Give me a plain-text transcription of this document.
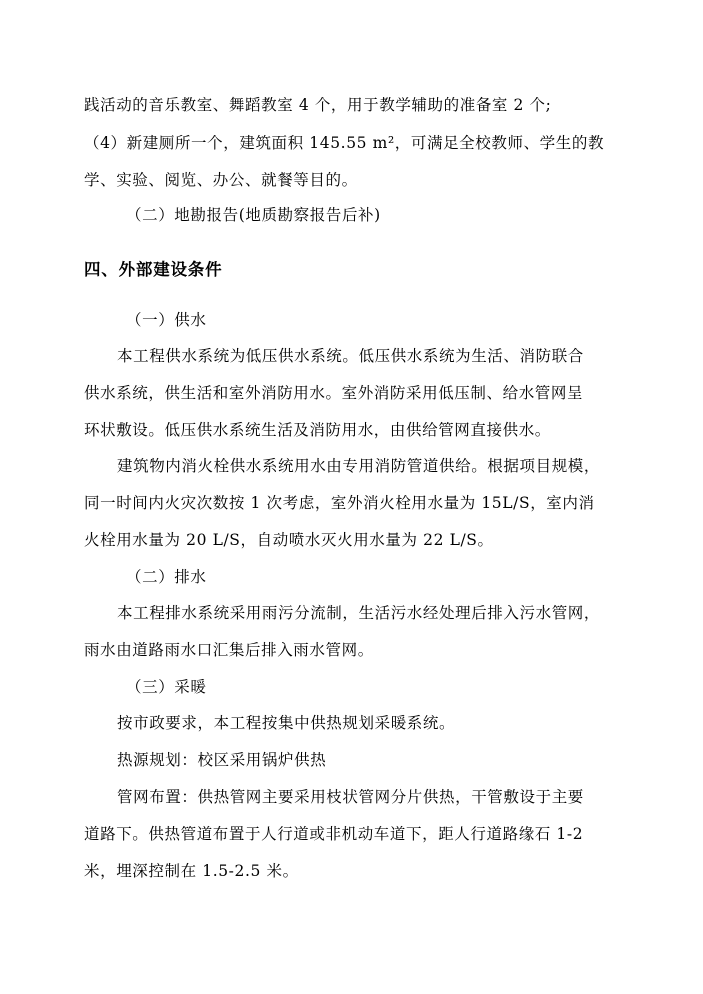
践活动的音乐教室、舞蹈教室 4 个，用于教学辅助的准备室 2 个;
（4）新建厕所一个，建筑面积 145.55 m²，可满足全校教师、学生的教
学、实验、阅览、办公、就餐等目的。
（二）地勘报告(地质勘察报告后补)
四、外部建设条件
（一）供水
本工程供水系统为低压供水系统。低压供水系统为生活、消防联合
供水系统，供生活和室外消防用水。室外消防采用低压制、给水管网呈
环状敷设。低压供水系统生活及消防用水，由供给管网直接供水。
建筑物内消火栓供水系统用水由专用消防管道供给。根据项目规模，
同一时间内火灾次数按 1 次考虑，室外消火栓用水量为 15L/S，室内消
火栓用水量为 20 L/S，自动喷水灭火用水量为 22 L/S。
（二）排水
本工程排水系统采用雨污分流制，生活污水经处理后排入污水管网，
雨水由道路雨水口汇集后排入雨水管网。
（三）采暖
按市政要求，本工程按集中供热规划采暖系统。
热源规划：校区采用锅炉供热
管网布置：供热管网主要采用枝状管网分片供热，干管敷设于主要
道路下。供热管道布置于人行道或非机动车道下，距人行道路缘石 1-2
米，埋深控制在 1.5-2.5 米。
